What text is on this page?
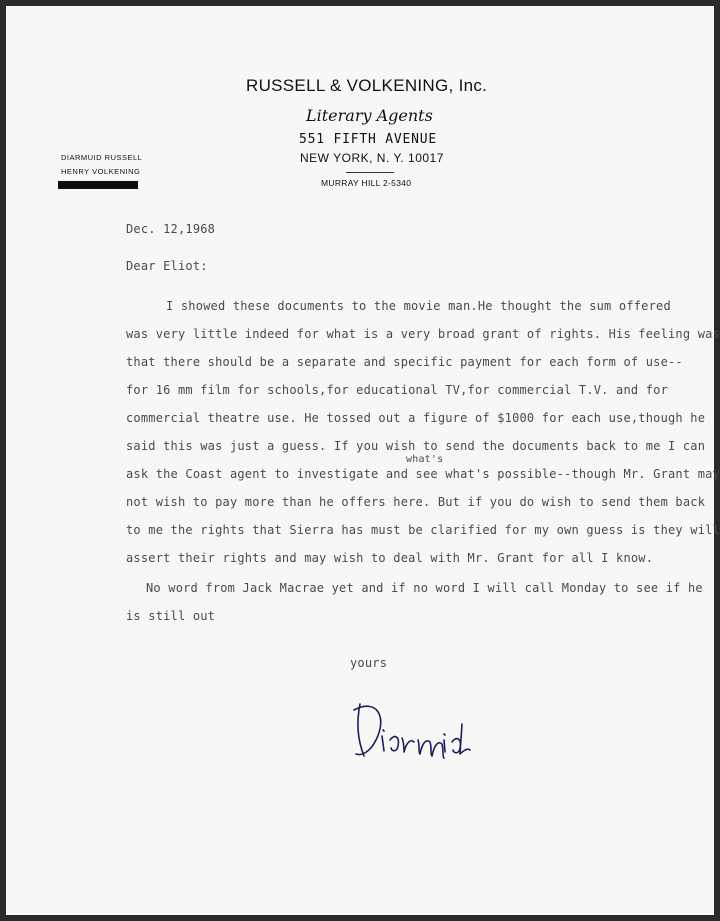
RUSSELL & VOLKENING, Inc.
Literary Agents
551 FIFTH AVENUE
NEW YORK, N. Y. 10017
MURRAY HILL 2-5340
DIARMUID RUSSELL
HENRY VOLKENING
Dec. 12,1968
Dear Eliot:
I showed these documents to the movie man.He thought the sum offered
was very little indeed for what is a very broad grant of rights. His feeling was
that there should be a separate and specific payment for each form of use--
for 16 mm film for schools,for educational TV,for commercial T.V. and for
commercial theatre use. He tossed out a figure of $1000 for each use,though he
said this was just a guess. If you wish to send the documents back to me I can
what's
ask the Coast agent to investigate and see what's possible--though Mr. Grant may
not wish to pay more than he offers here. But if you do wish to send them back
to me the rights that Sierra has must be clarified for my own guess is they will
assert their rights and may wish to deal with Mr. Grant for all I know.
No word from Jack Macrae yet and if no word I will call Monday to see if he
is still out
yours
